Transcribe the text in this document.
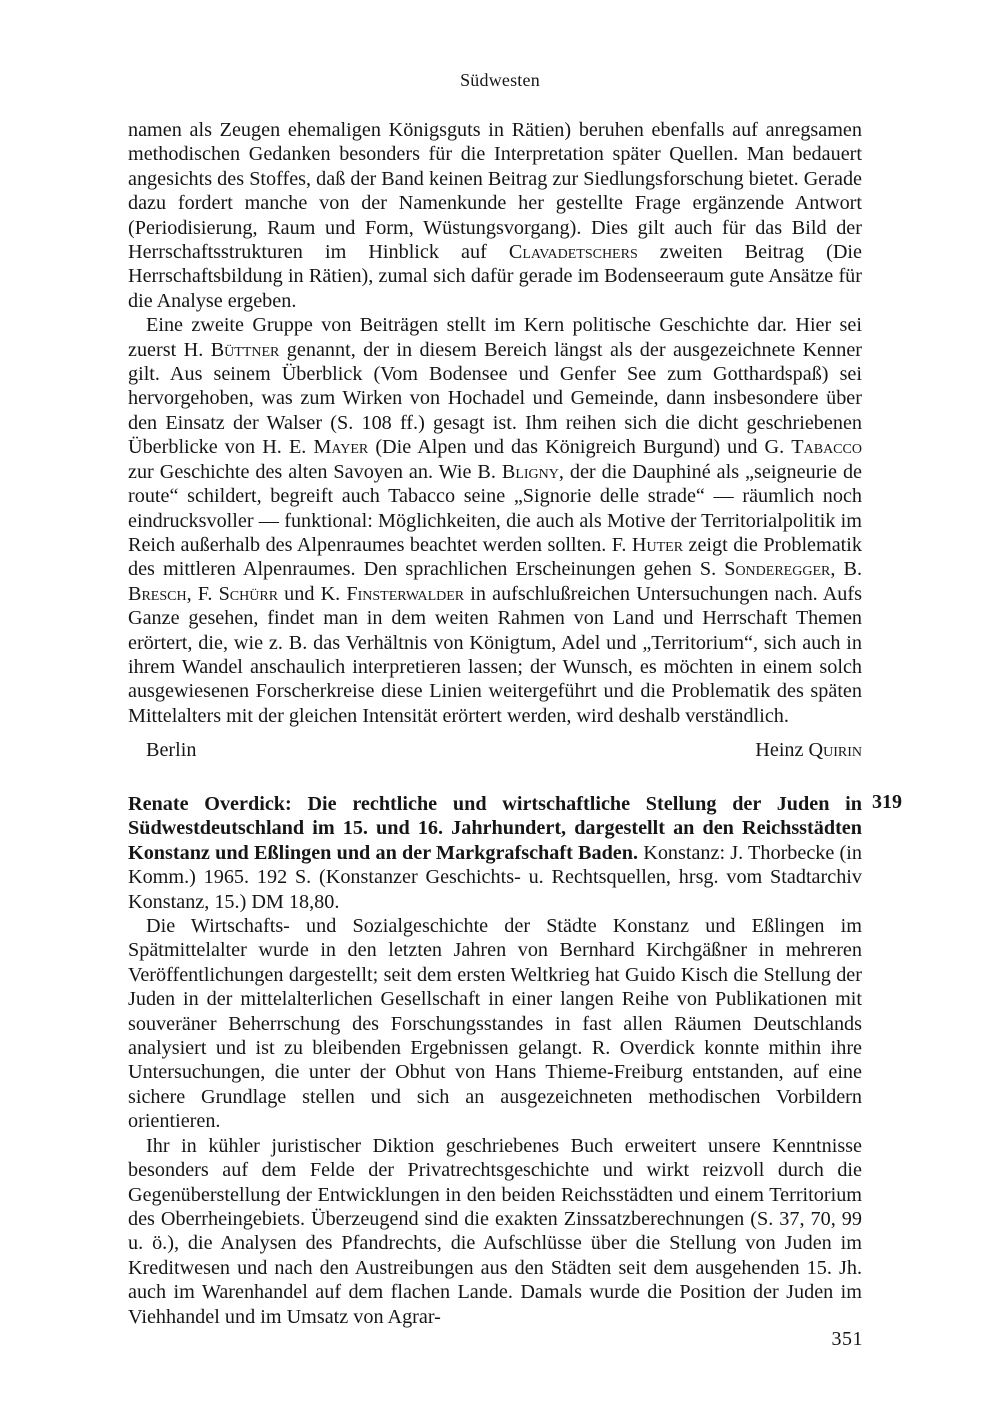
Südwesten

namen als Zeugen ehemaligen Königsguts in Rätien) beruhen ebenfalls auf anregsamen methodischen Gedanken besonders für die Interpretation später Quellen. Man bedauert angesichts des Stoffes, daß der Band keinen Beitrag zur Siedlungsforschung bietet. Gerade dazu fordert manche von der Namenkunde her gestellte Frage ergänzende Antwort (Periodisierung, Raum und Form, Wüstungsvorgang). Dies gilt auch für das Bild der Herrschaftsstrukturen im Hinblick auf Clavadetschers zweiten Beitrag (Die Herrschaftsbildung in Rätien), zumal sich dafür gerade im Bodenseeraum gute Ansätze für die Analyse ergeben.

Eine zweite Gruppe von Beiträgen stellt im Kern politische Geschichte dar. Hier sei zuerst H. Büttner genannt, der in diesem Bereich längst als der ausgezeichnete Kenner gilt. Aus seinem Überblick (Vom Bodensee und Genfer See zum Gotthardspaß) sei hervorgehoben, was zum Wirken von Hochadel und Gemeinde, dann insbesondere über den Einsatz der Walser (S. 108 ff.) gesagt ist. Ihm reihen sich die dicht geschriebenen Überblicke von H. E. Mayer (Die Alpen und das Königreich Burgund) und G. Tabacco zur Geschichte des alten Savoyen an. Wie B. Bligny, der die Dauphiné als „seigneurie de route“ schildert, begreift auch Tabacco seine „Signorie delle strade“ — räumlich noch eindrucksvoller — funktional: Möglichkeiten, die auch als Motive der Territorialpolitik im Reich außerhalb des Alpenraumes beachtet werden sollten. F. Huter zeigt die Problematik des mittleren Alpenraumes. Den sprachlichen Erscheinungen gehen S. Sonderegger, B. Bresch, F. Schürr und K. Finsterwalder in aufschlußreichen Untersuchungen nach. Aufs Ganze gesehen, findet man in dem weiten Rahmen von Land und Herrschaft Themen erörtert, die, wie z. B. das Verhältnis von Königtum, Adel und „Territorium“, sich auch in ihrem Wandel anschaulich interpretieren lassen; der Wunsch, es möchten in einem solch ausgewiesenen Forscherkreise diese Linien weitergeführt und die Problematik des späten Mittelalters mit der gleichen Intensität erörtert werden, wird deshalb verständlich.

Berlin	Heinz Quirin
319

Renate Overdick: Die rechtliche und wirtschaftliche Stellung der Juden in Südwestdeutschland im 15. und 16. Jahrhundert, dargestellt an den Reichsstädten Konstanz und Eßlingen und an der Markgrafschaft Baden. Konstanz: J. Thorbecke (in Komm.) 1965. 192 S. (Konstanzer Geschichts- u. Rechtsquellen, hrsg. vom Stadtarchiv Konstanz, 15.) DM 18,80.

Die Wirtschafts- und Sozialgeschichte der Städte Konstanz und Eßlingen im Spätmittelalter wurde in den letzten Jahren von Bernhard Kirchgäßner in mehreren Veröffentlichungen dargestellt; seit dem ersten Weltkrieg hat Guido Kisch die Stellung der Juden in der mittelalterlichen Gesellschaft in einer langen Reihe von Publikationen mit souveräner Beherrschung des Forschungsstandes in fast allen Räumen Deutschlands analysiert und ist zu bleibenden Ergebnissen gelangt. R. Overdick konnte mithin ihre Untersuchungen, die unter der Obhut von Hans Thieme-Freiburg entstanden, auf eine sichere Grundlage stellen und sich an ausgezeichneten methodischen Vorbildern orientieren.

Ihr in kühler juristischer Diktion geschriebenes Buch erweitert unsere Kenntnisse besonders auf dem Felde der Privatrechtsgeschichte und wirkt reizvoll durch die Gegenüberstellung der Entwicklungen in den beiden Reichsstädten und einem Territorium des Oberrheingebiets. Überzeugend sind die exakten Zinssatzberechnungen (S. 37, 70, 99 u. ö.), die Analysen des Pfandrechts, die Aufschlüsse über die Stellung von Juden im Kreditwesen und nach den Austreibungen aus den Städten seit dem ausgehenden 15. Jh. auch im Warenhandel auf dem flachen Lande. Damals wurde die Position der Juden im Viehhandel und im Umsatz von Agrar-

351
